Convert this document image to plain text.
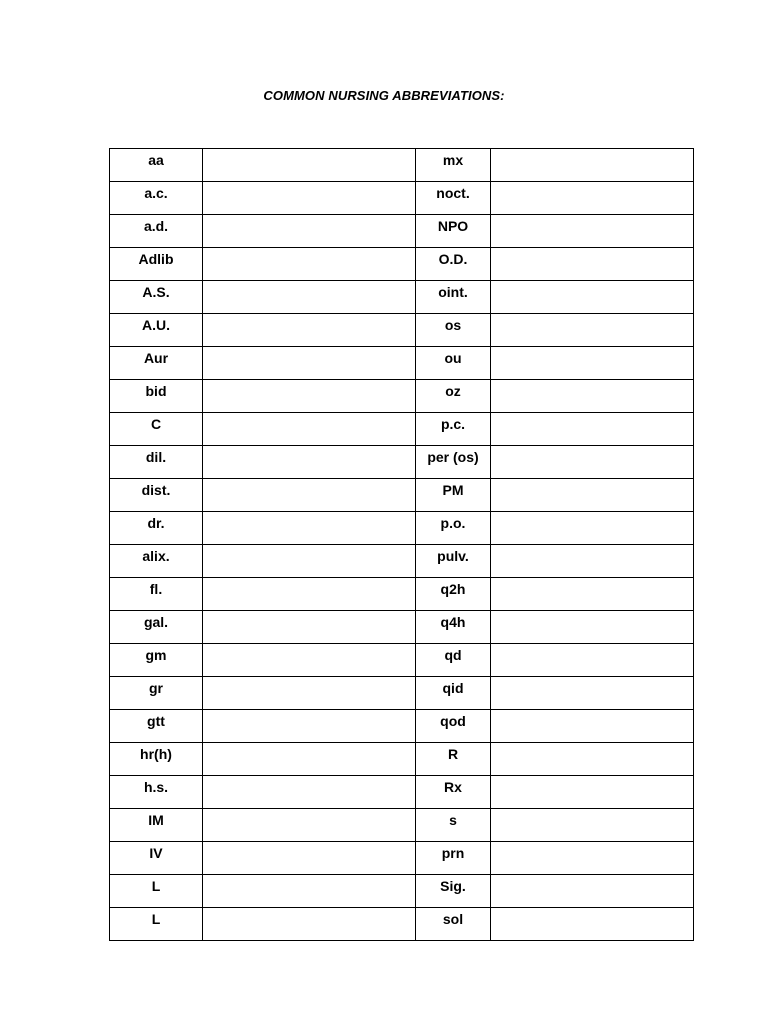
COMMON NURSING ABBREVIATIONS:
aa		mx	
a.c.		noct.	
a.d.		NPO	
Adlib		O.D.	
A.S.		oint.	
A.U.		os	
Aur		ou	
bid		oz	
C		p.c.	
dil.		per (os)	
dist.		PM	
dr.		p.o.	
alix.		pulv.	
fl.		q2h	
gal.		q4h	
gm		qd	
gr		qid	
gtt		qod	
hr(h)		R	
h.s.		Rx	
IM		s	
IV		prn	
L		Sig.	
L		sol	
